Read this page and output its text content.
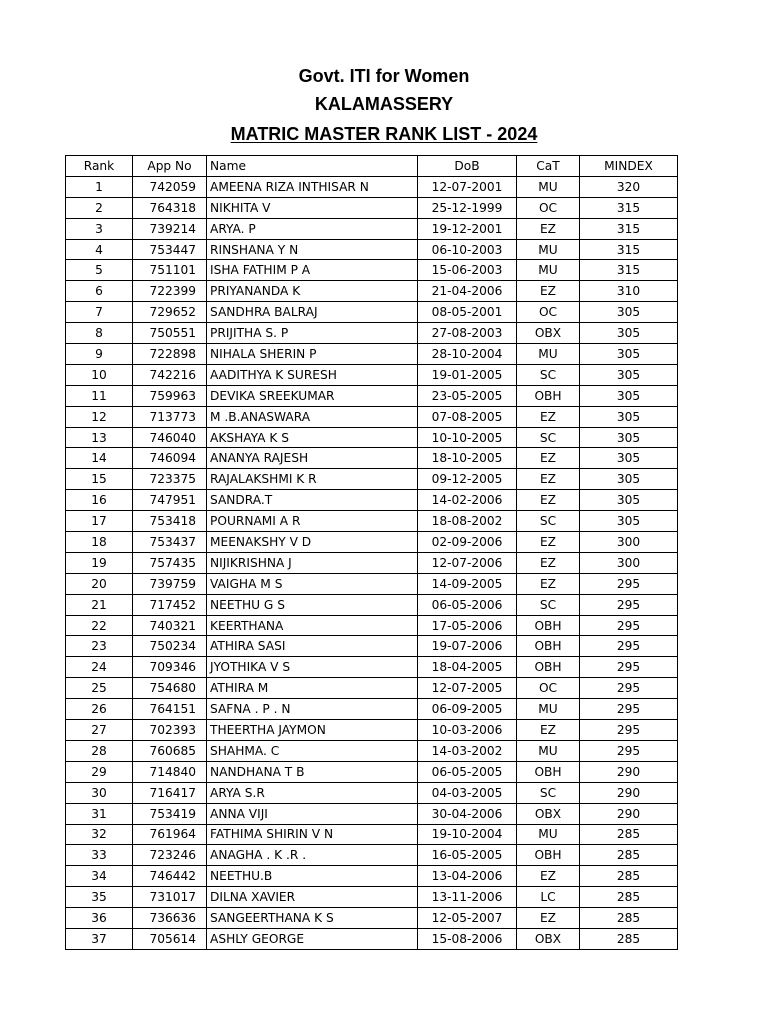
Govt. ITI for Women
KALAMASSERY
MATRIC MASTER RANK LIST - 2024
Rank	App No	Name	DoB	CaT	MINDEX
1	742059	AMEENA RIZA INTHISAR N	12-07-2001	MU	320
2	764318	NIKHITA V	25-12-1999	OC	315
3	739214	ARYA. P	19-12-2001	EZ	315
4	753447	RINSHANA Y N	06-10-2003	MU	315
5	751101	ISHA FATHIM P A	15-06-2003	MU	315
6	722399	PRIYANANDA K	21-04-2006	EZ	310
7	729652	SANDHRA BALRAJ	08-05-2001	OC	305
8	750551	PRIJITHA S. P	27-08-2003	OBX	305
9	722898	NIHALA SHERIN P	28-10-2004	MU	305
10	742216	AADITHYA K SURESH	19-01-2005	SC	305
11	759963	DEVIKA SREEKUMAR	23-05-2005	OBH	305
12	713773	M .B.ANASWARA	07-08-2005	EZ	305
13	746040	AKSHAYA K S	10-10-2005	SC	305
14	746094	ANANYA RAJESH	18-10-2005	EZ	305
15	723375	RAJALAKSHMI K R	09-12-2005	EZ	305
16	747951	SANDRA.T	14-02-2006	EZ	305
17	753418	POURNAMI A R	18-08-2002	SC	305
18	753437	MEENAKSHY V D	02-09-2006	EZ	300
19	757435	NIJIKRISHNA J	12-07-2006	EZ	300
20	739759	VAIGHA M S	14-09-2005	EZ	295
21	717452	NEETHU G S	06-05-2006	SC	295
22	740321	KEERTHANA	17-05-2006	OBH	295
23	750234	ATHIRA SASI	19-07-2006	OBH	295
24	709346	JYOTHIKA V S	18-04-2005	OBH	295
25	754680	ATHIRA M	12-07-2005	OC	295
26	764151	SAFNA . P . N	06-09-2005	MU	295
27	702393	THEERTHA JAYMON	10-03-2006	EZ	295
28	760685	SHAHMA. C	14-03-2002	MU	295
29	714840	NANDHANA T B	06-05-2005	OBH	290
30	716417	ARYA S.R	04-03-2005	SC	290
31	753419	ANNA VIJI	30-04-2006	OBX	290
32	761964	FATHIMA SHIRIN V N	19-10-2004	MU	285
33	723246	ANAGHA . K .R .	16-05-2005	OBH	285
34	746442	NEETHU.B	13-04-2006	EZ	285
35	731017	DILNA XAVIER	13-11-2006	LC	285
36	736636	SANGEERTHANA K S	12-05-2007	EZ	285
37	705614	ASHLY GEORGE	15-08-2006	OBX	285
